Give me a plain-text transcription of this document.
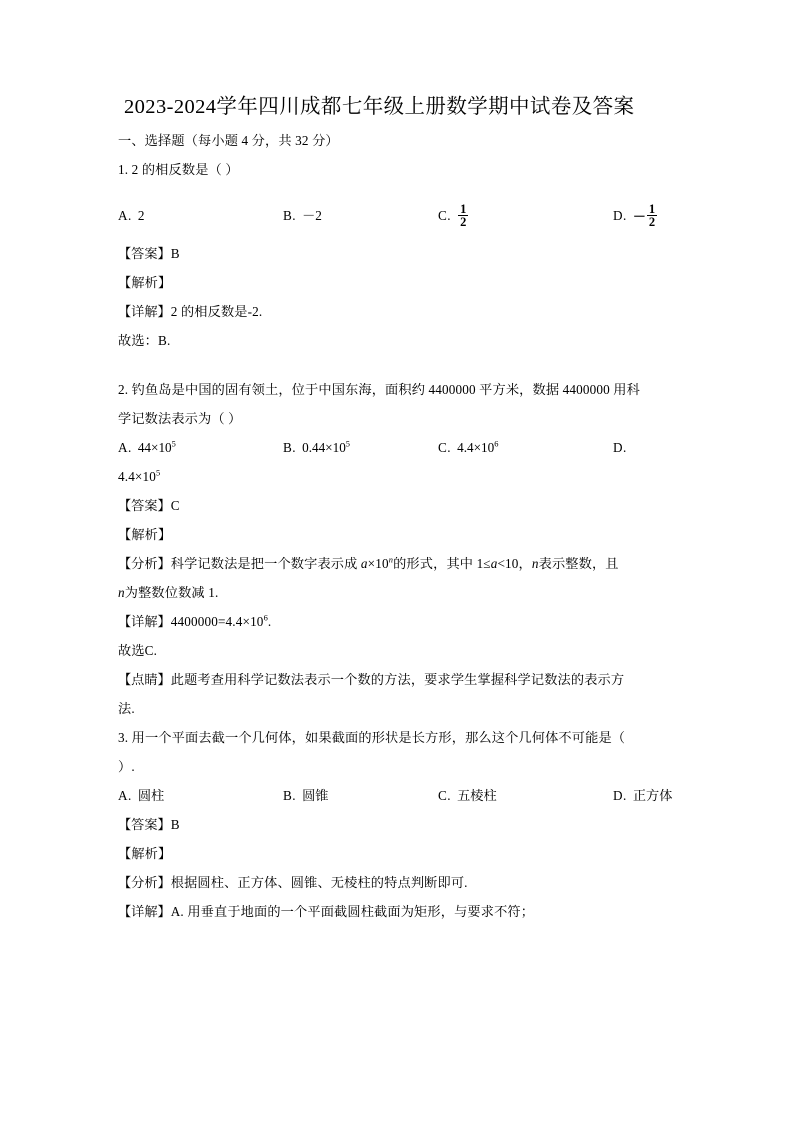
2023-2024学年四川成都七年级上册数学期中试卷及答案
一、选择题（每小题 4 分，共 32 分）
1. 2 的相反数是（ ）
A. 2	B. －2	C. $\frac{1}{2}$	D. － $\frac{1}{2}$
【答案】B
【解析】
【详解】2 的相反数是-2.
故选：B.
2. 钓鱼岛是中国的固有领土，位于中国东海，面积约 4400000 平方米，数据 4400000 用科
学记数法表示为（ ）
A. $44\times 10^5$	B. $0.44\times 10^5$	C. $4.4\times 10^6$	D.
$4.4\times 10^5$
【答案】C
【解析】
【分析】科学记数法是把一个数字表示成 $a\times 10^n$的形式，其中 1≤a<10，n表示整数，且
n为整数位数减 1.
【详解】$4400000=4.4\times 10^6$.
故选C.
【点睛】此题考查用科学记数法表示一个数的方法，要求学生掌握科学记数法的表示方
法.
3. 用一个平面去截一个几何体，如果截面的形状是长方形，那么这个几何体不可能是（
）.
A. 圆柱	B. 圆锥	C. 五棱柱	D. 正方体
【答案】B
【解析】
【分析】根据圆柱、正方体、圆锥、无棱柱的特点判断即可.
【详解】A. 用垂直于地面的一个平面截圆柱截面为矩形，与要求不符；
